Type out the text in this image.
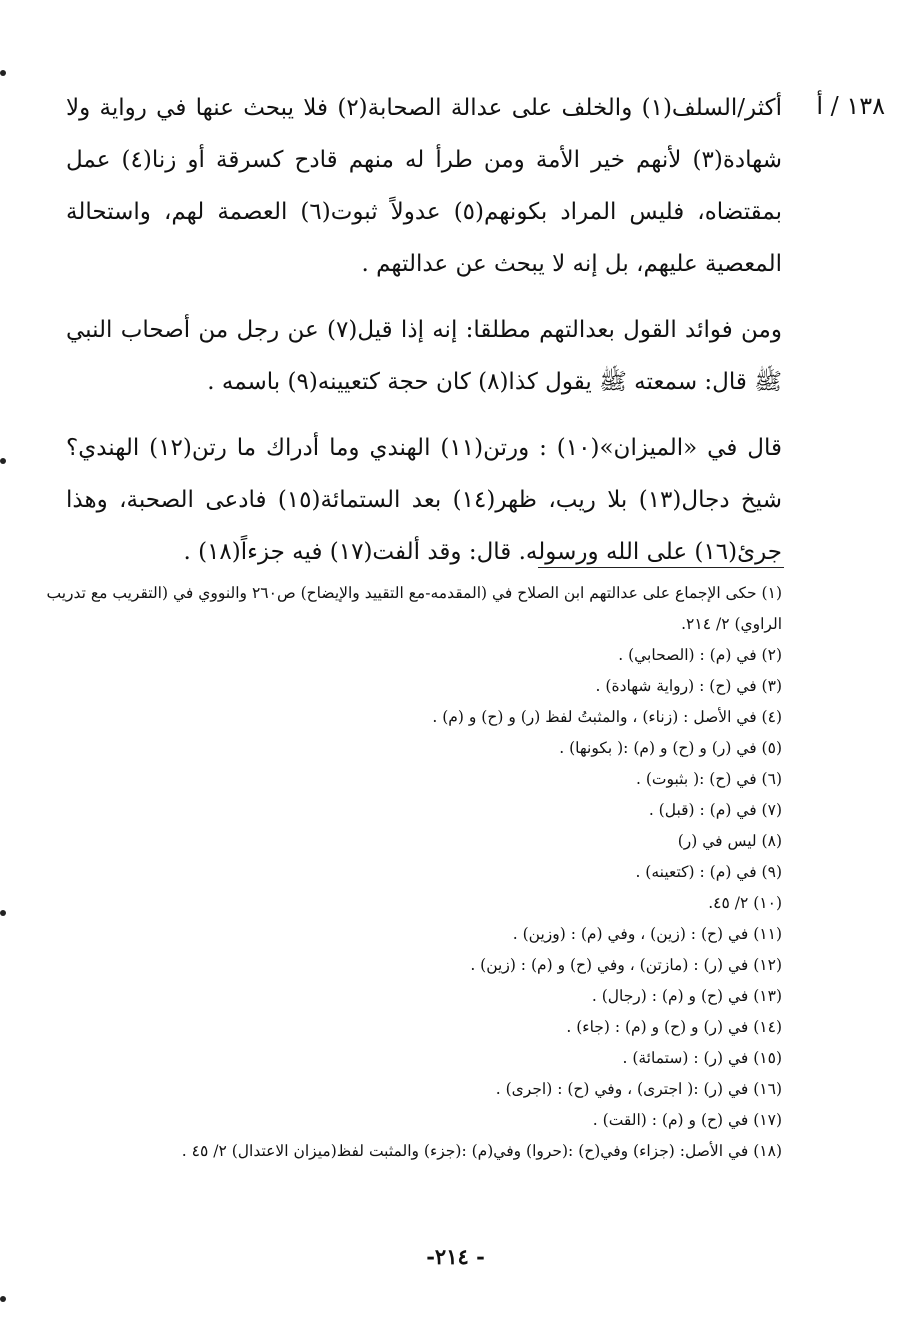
١٣٨ / أ

أكثر/السلف(١) والخلف على عدالة الصحابة(٢) فلا يبحث عنها في رواية ولا شهادة(٣) لأنهم خير الأمة ومن طرأ له منهم قادح كسرقة أو زنا(٤) عمل بمقتضاه، فليس المراد بكونهم(٥) عدولاً ثبوت(٦) العصمة لهم، واستحالة المعصية عليهم، بل إنه لا يبحث عن عدالتهم .

ومن فوائد القول بعدالتهم مطلقا: إنه إذا قيل(٧) عن رجل من أصحاب النبي ﷺ قال: سمعته ﷺ يقول كذا(٨) كان حجة كتعيينه(٩) باسمه .

قال في «الميزان»(١٠) : ورتن(١١) الهندي وما أدراك ما رتن(١٢) الهندي؟ شيخ دجال(١٣) بلا ريب، ظهر(١٤) بعد الستمائة(١٥) فادعى الصحبة، وهذا جرئ(١٦) على الله ورسوله. قال: وقد ألفت(١٧) فيه جزءاً(١٨) .

(١) حكى الإجماع على عدالتهم ابن الصلاح في (المقدمه-مع التقييد والإيضاح) ص٢٦٠ والنووي في (التقريب مع تدريب الراوي) ٢/ ٢١٤.
(٢) في (م) : (الصحابي) .
(٣) في (ح) : (رواية شهادة) .
(٤) في الأصل : (زناء) ، والمثبتُ لفظ (ر) و (ح) و (م) .
(٥) في (ر) و (ح) و (م) :( بكونها) .
(٦) في (ح) :( بثبوت) .
(٧) في (م) : (قبل) .
(٨) ليس في (ر)
(٩) في (م) : (كتعينه) .
(١٠) ٢/ ٤٥.
(١١) في (ح) : (زين) ، وفي (م) : (وزين) .
(١٢) في (ر) : (مازتن) ، وفي (ح) و (م) : (زين) .
(١٣) في (ح) و (م) : (رجال) .
(١٤) في (ر) و (ح) و (م) : (جاء) .
(١٥) في (ر) : (ستمائة) .
(١٦) في (ر) :( اجترى) ، وفي (ح) : (اجرى) .
(١٧) في (ح) و (م) : (القت) .
(١٨) في الأصل: (جزاء) وفي(ح) :(حروا) وفي(م) :(جزء) والمثبت لفظ(ميزان الاعتدال) ٢/ ٤٥ .
- ٢١٤-
